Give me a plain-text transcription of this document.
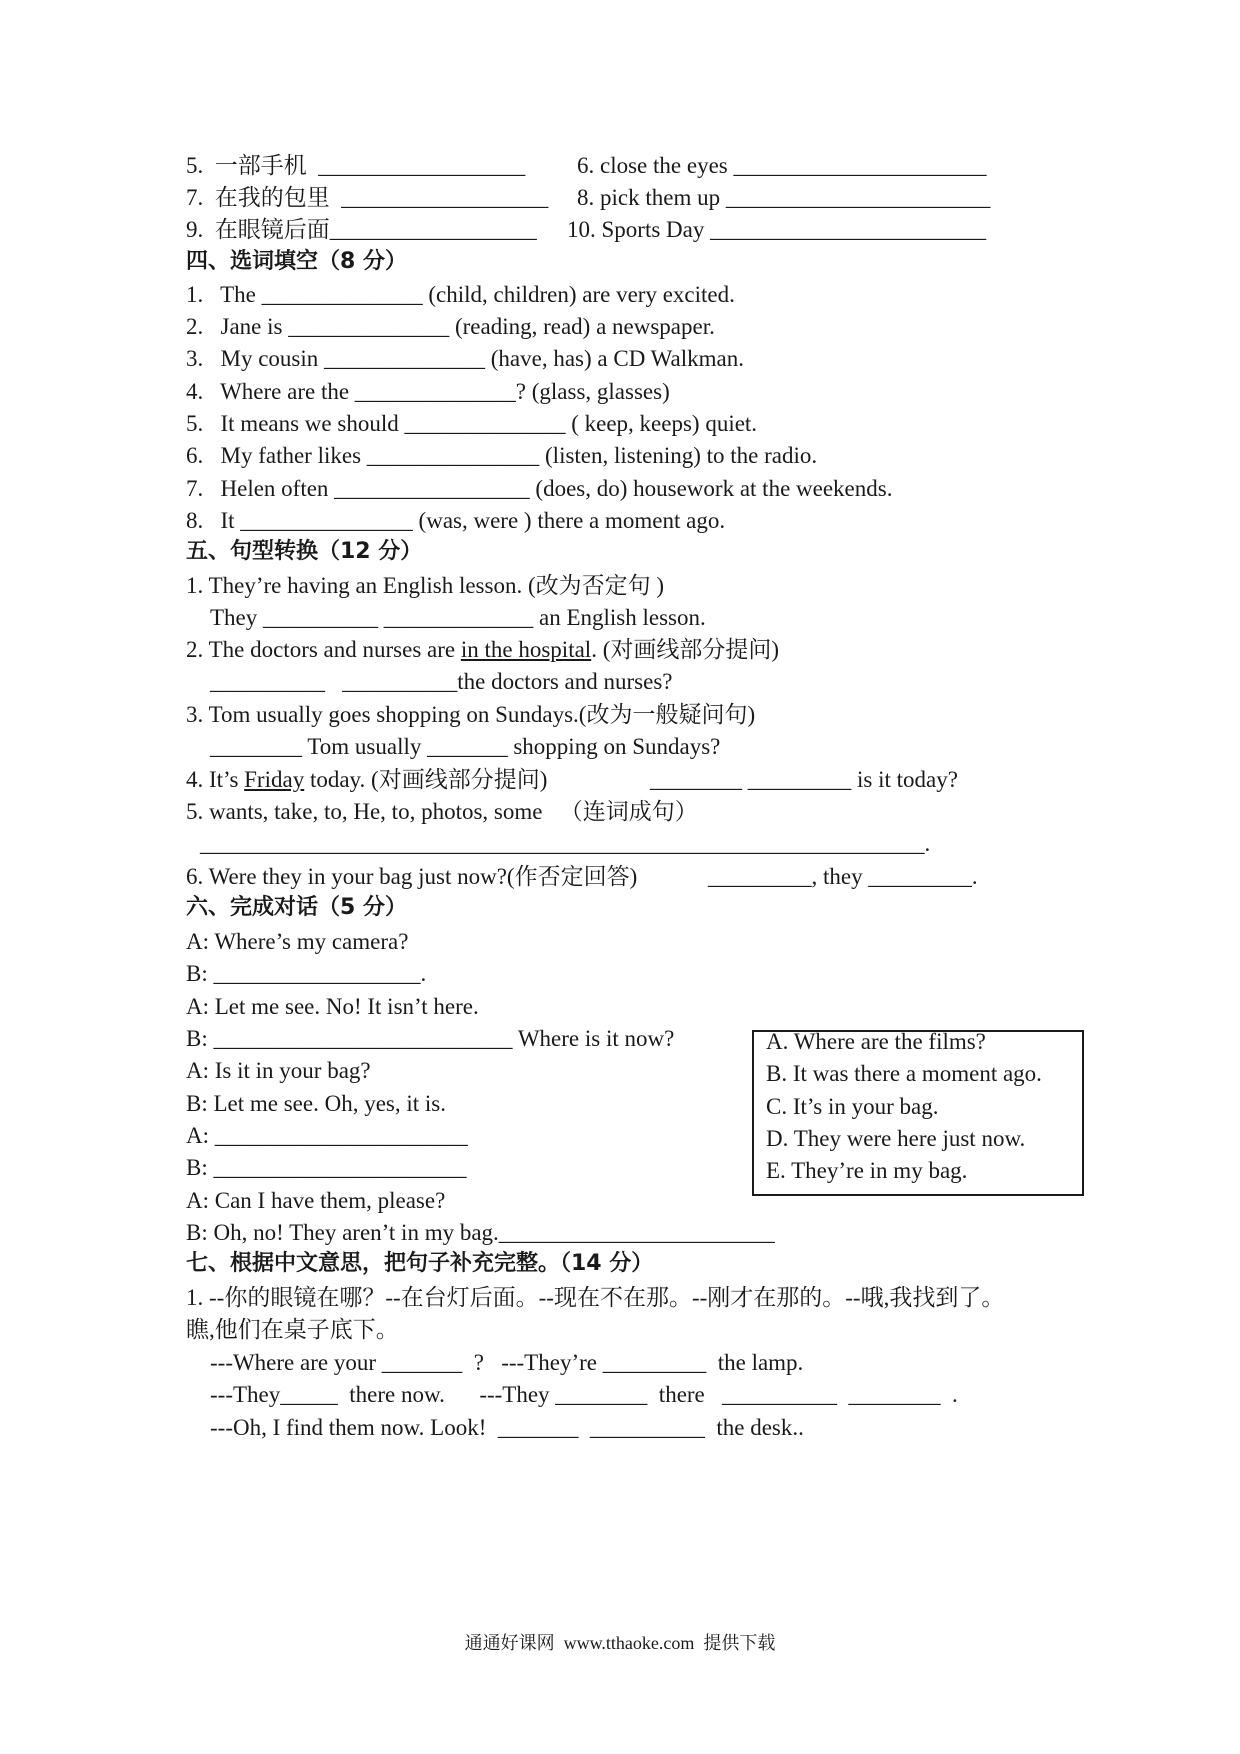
5.  一部手机  __________________ 6. close the eyes ______________________
7.  在我的包里  __________________ 8. pick them up _______________________
9.  在眼镜后面__________________ 10. Sports Day ________________________
四、选词填空（8 分）
1.   The ______________ (child, children) are very excited.
2.   Jane is ______________ (reading, read) a newspaper.
3.   My cousin ______________ (have, has) a CD Walkman.
4.   Where are the ______________? (glass, glasses)
5.   It means we should ______________ ( keep, keeps) quiet.
6.   My father likes _______________ (listen, listening) to the radio.
7.   Helen often _________________ (does, do) housework at the weekends.
8.   It _______________ (was, were ) there a moment ago.
五、句型转换（12 分）
1. They’re having an English lesson. (改为否定句 )
They __________ _____________ an English lesson.
2. The doctors and nurses are in the hospital. (对画线部分提问)
__________   __________the doctors and nurses?
3. Tom usually goes shopping on Sundays.(改为一般疑问句)
________ Tom usually _______ shopping on Sundays?
4. It’s Friday today. (对画线部分提问)	________ _________ is it today?
5. wants, take, to, He, to, photos, some   （连词成句）
_______________________________________________________________.
6. Were they in your bag just now?(作否定回答)	_________, they _________.
六、完成对话（5 分）
A: Where’s my camera?
B: __________________.
A: Let me see. No! It isn’t here.
B: __________________________ Where is it now?
A: Is it in your bag?
B: Let me see. Oh, yes, it is.
A: ______________________
B: ______________________
A: Can I have them, please?
B: Oh, no! They aren’t in my bag.________________________
A. Where are the films?
B. It was there a moment ago.
C. It’s in your bag.
D. They were here just now.
E. They’re in my bag.
七、根据中文意思，把句子补充完整。（14 分）
1. --你的眼镜在哪？--在台灯后面。--现在不在那。--刚才在那的。--哦,我找到了。
瞧,他们在桌子底下。
---Where are your _______  ?   ---They’re _________  the lamp.
---They_____  there now.      ---They ________  there   __________  ________  .
---Oh, I find them now. Look!  _______  __________  the desk..
通通好课网  www.tthaoke.com  提供下载
